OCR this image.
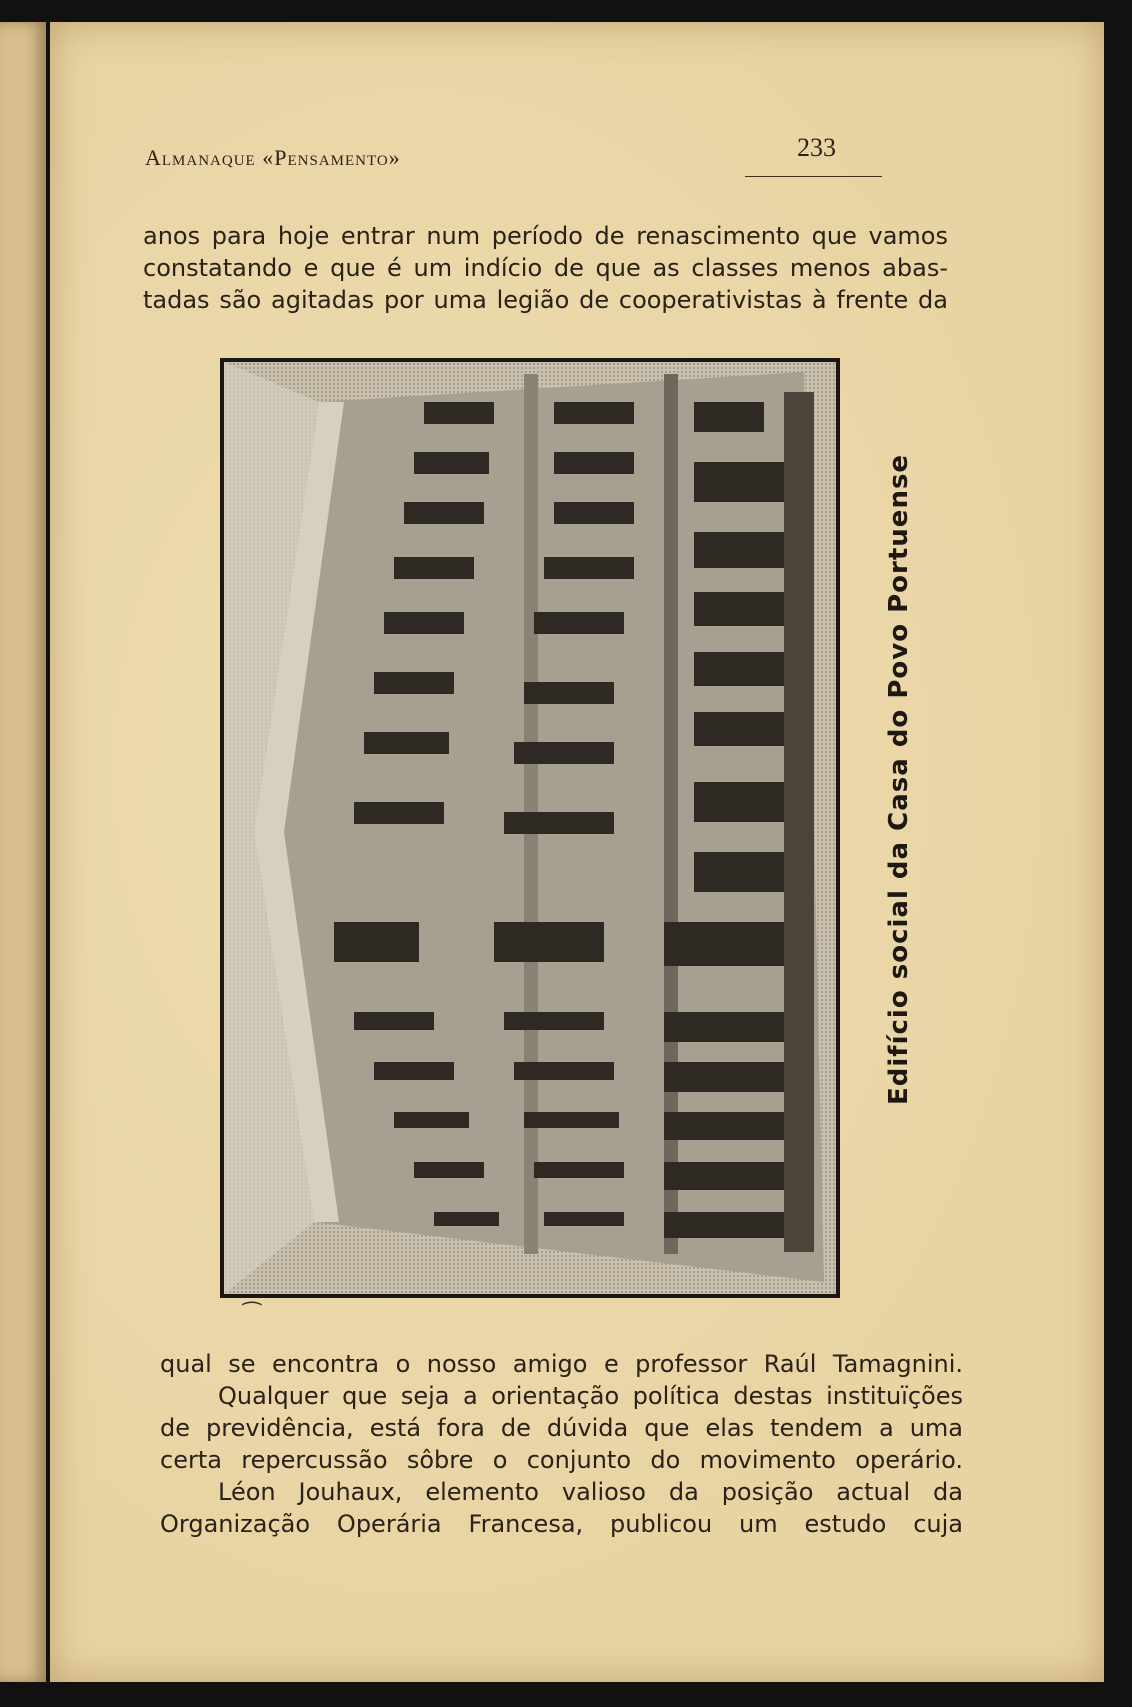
Almanaque «Pensamento»	233
anos para hoje entrar num período de renascimento que vamos
constatando e que é um indício de que as classes menos abas-
tadas são agitadas por uma legião de cooperativistas à frente da
Edifício social da Casa do Povo Portuense
⁀
qual se encontra o nosso amigo e professor Raúl Tamagnini.
Qualquer que seja a orientação política destas instituïções
de previdência, está fora de dúvida que elas tendem a uma
certa repercussão sôbre o conjunto do movimento operário.
Léon Jouhaux, elemento valioso da posição actual da
Organização Operária Francesa, publicou um estudo cuja
